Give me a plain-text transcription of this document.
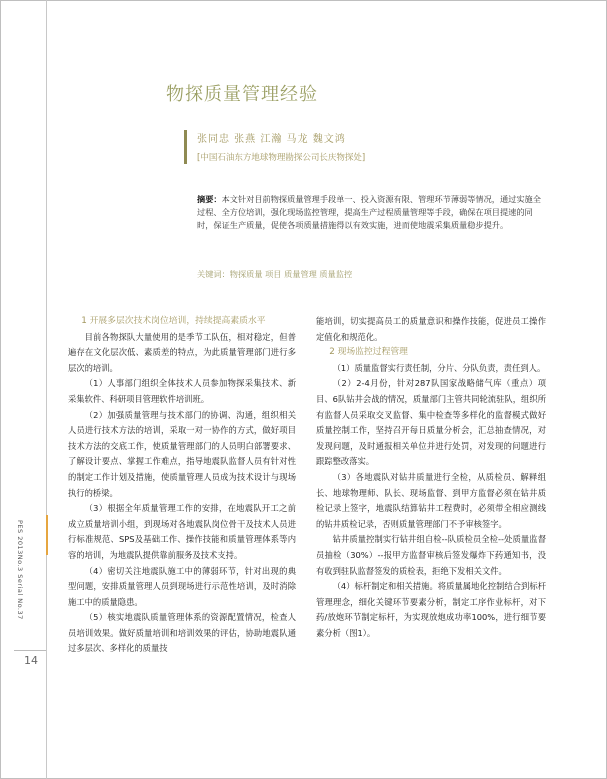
PES 2013No.3 Serial No.37
14
物探质量管理经验
张同忠 张燕 江瀚 马龙 魏文鸿
[中国石油东方地球物理勘探公司长庆物探处]
摘要：本文针对目前物探质量管理手段单一、投入资源有限、管理环节薄弱等情况，通过实施全过程、全方位培训，强化现场监控管理，提高生产过程质量管理等手段，确保在项目提速的同时，保证生产质量，促使各项质量措施得以有效实施，进而使地震采集质量稳步提升。
关键词：物探质量 项目 质量管理 质量监控
1 开展多层次技术岗位培训，持续提高素质水平

目前各物探队大量使用的是季节工队伍，相对稳定，但普遍存在文化层次低、素质差的特点，为此质量管理部门进行多层次的培训。

（1）人事部门组织全体技术人员参加物探采集技术、新采集软件、科研项目管理软件培训班。

（2）加强质量管理与技术部门的协调、沟通，组织相关人员进行技术方法的培训，采取一对一协作的方式，做好项目技术方法的交底工作，使质量管理部门的人员明白部署要求、了解设计要点、掌握工作难点，指导地震队监督人员有针对性的制定工作计划及措施，使质量管理人员成为技术设计与现场执行的桥梁。

（3）根据全年质量管理工作的安排，在地震队开工之前成立质量培训小组，到现场对各地震队岗位骨干及技术人员进行标准规范、SPS及基础工作、操作技能和质量管理体系等内容的培训，为地震队提供靠前服务及技术支持。

（4）密切关注地震队施工中的薄弱环节，针对出现的典型问题，安排质量管理人员到现场进行示范性培训，及时消除施工中的质量隐患。

（5）核实地震队质量管理体系的资源配置情况，检查人员培训效果。做好质量培训和培训效果的评估，协助地震队通过多层次、多样化的质量技

能培训，切实提高员工的质量意识和操作技能，促进员工操作定值化和规范化。

2 现场监控过程管理

（1）质量监督实行责任制，分片、分队负责，责任到人。

（2）2-4月份，针对287队国家战略储气库（重点）项目、6队钻井会战的情况，质量部门主管共同轮流驻队，组织所有监督人员采取交叉监督、集中检查等多样化的监督模式做好质量控制工作，坚持召开每日质量分析会，汇总抽查情况，对发现问题，及时通报相关单位并进行处罚，对发现的问题进行跟踪整改落实。

（3）各地震队对钻井质量进行全检，从质检员、解释组长、地球物理师、队长、现场监督、到甲方监督必须在钻井质检记录上签字，地震队结算钻井工程费时，必须带全相应测线的钻井质检记录，否则质量管理部门不予审核签字。

钻井质量控制实行钻井组自检--队质检员全检--处质量监督员抽检（30%）--报甲方监督审核后签发爆炸下药通知书，没有收到驻队监督签发的质检表，拒绝下发相关文件。

（4）标杆制定和相关措施。将质量属地化控制结合到标杆管理理念，细化关键环节要素分析，制定工序作业标杆，对下药/放炮环节制定标杆，为实现放炮成功率100%，进行细节要素分析（图1）。
